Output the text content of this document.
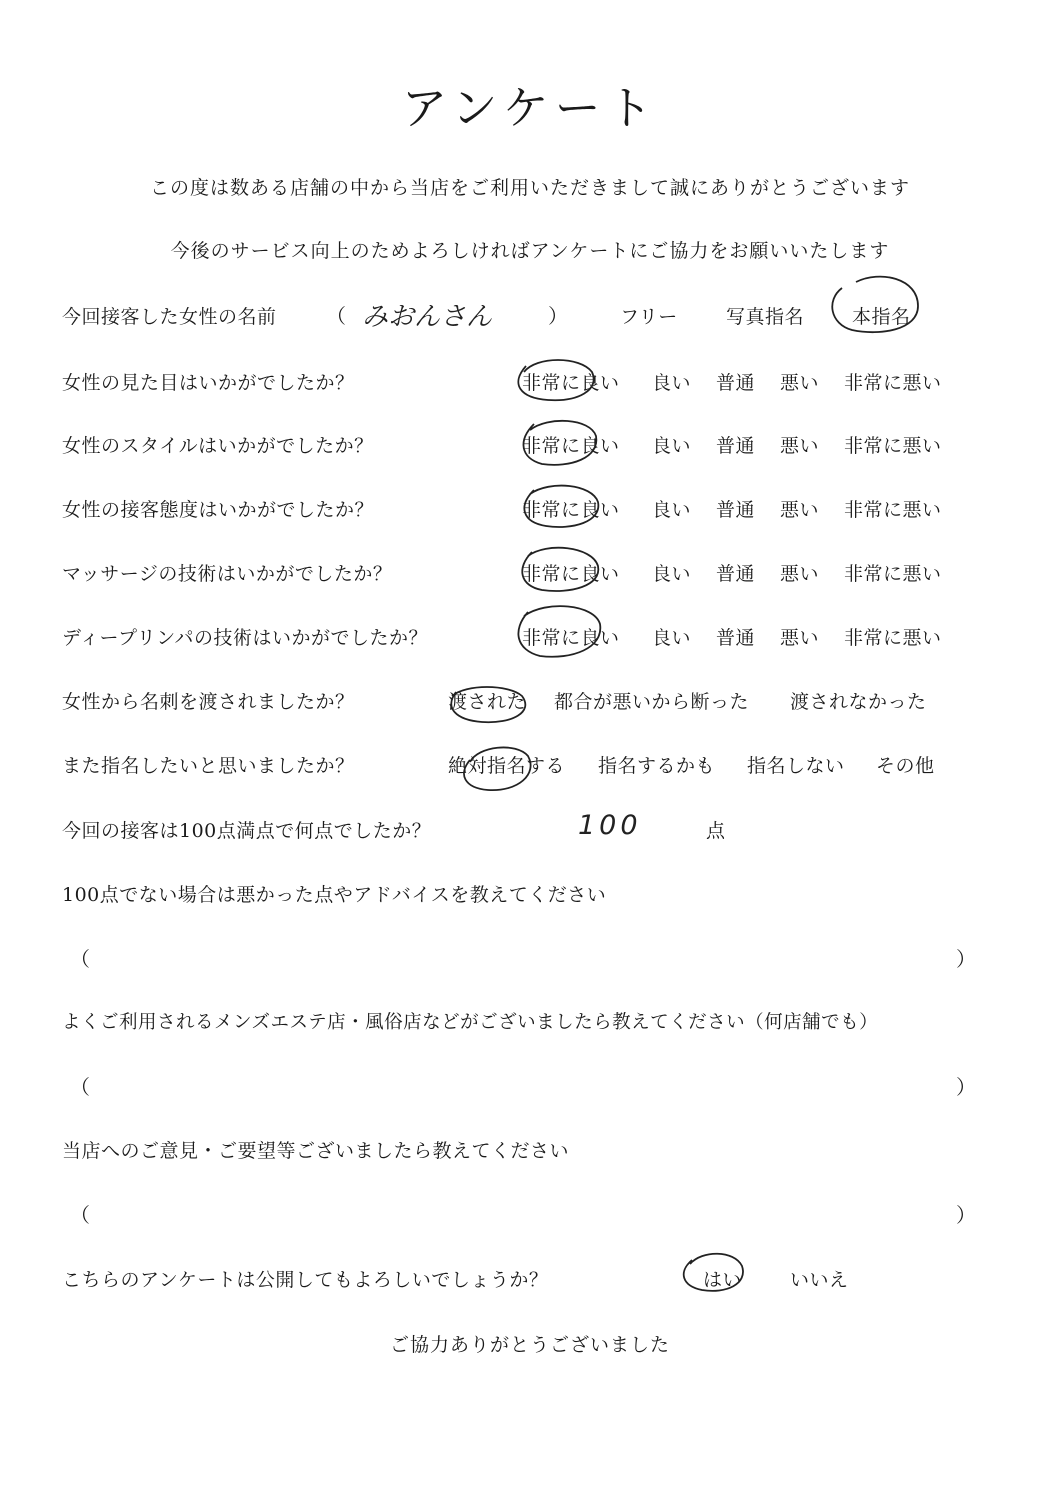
アンケート
この度は数ある店舗の中から当店をご利用いただきまして誠にありがとうございます
今後のサービス向上のためよろしければアンケートにご協力をお願いいたします
今回接客した女性の名前 （ みおんさん	）	フリー	写真指名	本指名
女性の見た目はいかがでしたか？	非常に良い 良い 普通 悪い 非常に悪い
女性のスタイルはいかがでしたか？	非常に良い 良い 普通 悪い 非常に悪い
女性の接客態度はいかがでしたか？	非常に良い 良い 普通 悪い 非常に悪い
マッサージの技術はいかがでしたか？	非常に良い 良い 普通 悪い 非常に悪い
ディープリンパの技術はいかがでしたか？	非常に良い 良い 普通 悪い 非常に悪い
女性から名刺を渡されましたか？	渡された 都合が悪いから断った 渡されなかった
また指名したいと思いましたか？	絶対指名する 指名するかも 指名しない その他
今回の接客は100点満点で何点でしたか？	100	点
100点でない場合は悪かった点やアドバイスを教えてください
（	）
よくご利用されるメンズエステ店・風俗店などがございましたら教えてください（何店舗でも）
（	）
当店へのご意見・ご要望等ございましたら教えてください
（	）
こちらのアンケートは公開してもよろしいでしょうか？	はい	いいえ
ご協力ありがとうございました
